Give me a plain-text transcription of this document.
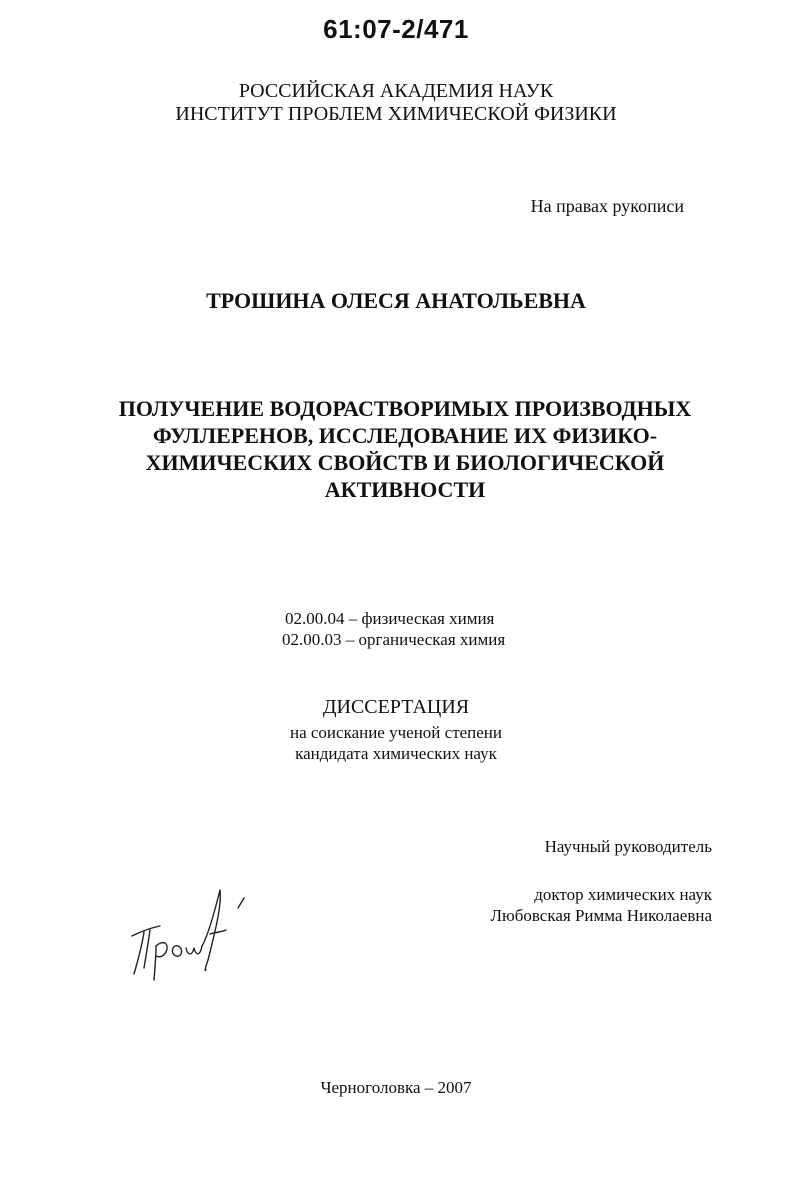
61:07-2/471
РОССИЙСКАЯ АКАДЕМИЯ НАУК
ИНСТИТУТ ПРОБЛЕМ ХИМИЧЕСКОЙ ФИЗИКИ
На правах рукописи
ТРОШИНА ОЛЕСЯ АНАТОЛЬЕВНА
ПОЛУЧЕНИЕ ВОДОРАСТВОРИМЫХ ПРОИЗВОДНЫХ
ФУЛЛЕРЕНОВ, ИССЛЕДОВАНИЕ ИХ ФИЗИКО-
ХИМИЧЕСКИХ СВОЙСТВ И БИОЛОГИЧЕСКОЙ
АКТИВНОСТИ
02.00.04 – физическая химия
02.00.03 – органическая химия
ДИССЕРТАЦИЯ
на соискание ученой степени
кандидата химических наук
Научный руководитель
доктор химических наук
Любовская Римма Николаевна
Черноголовка – 2007
